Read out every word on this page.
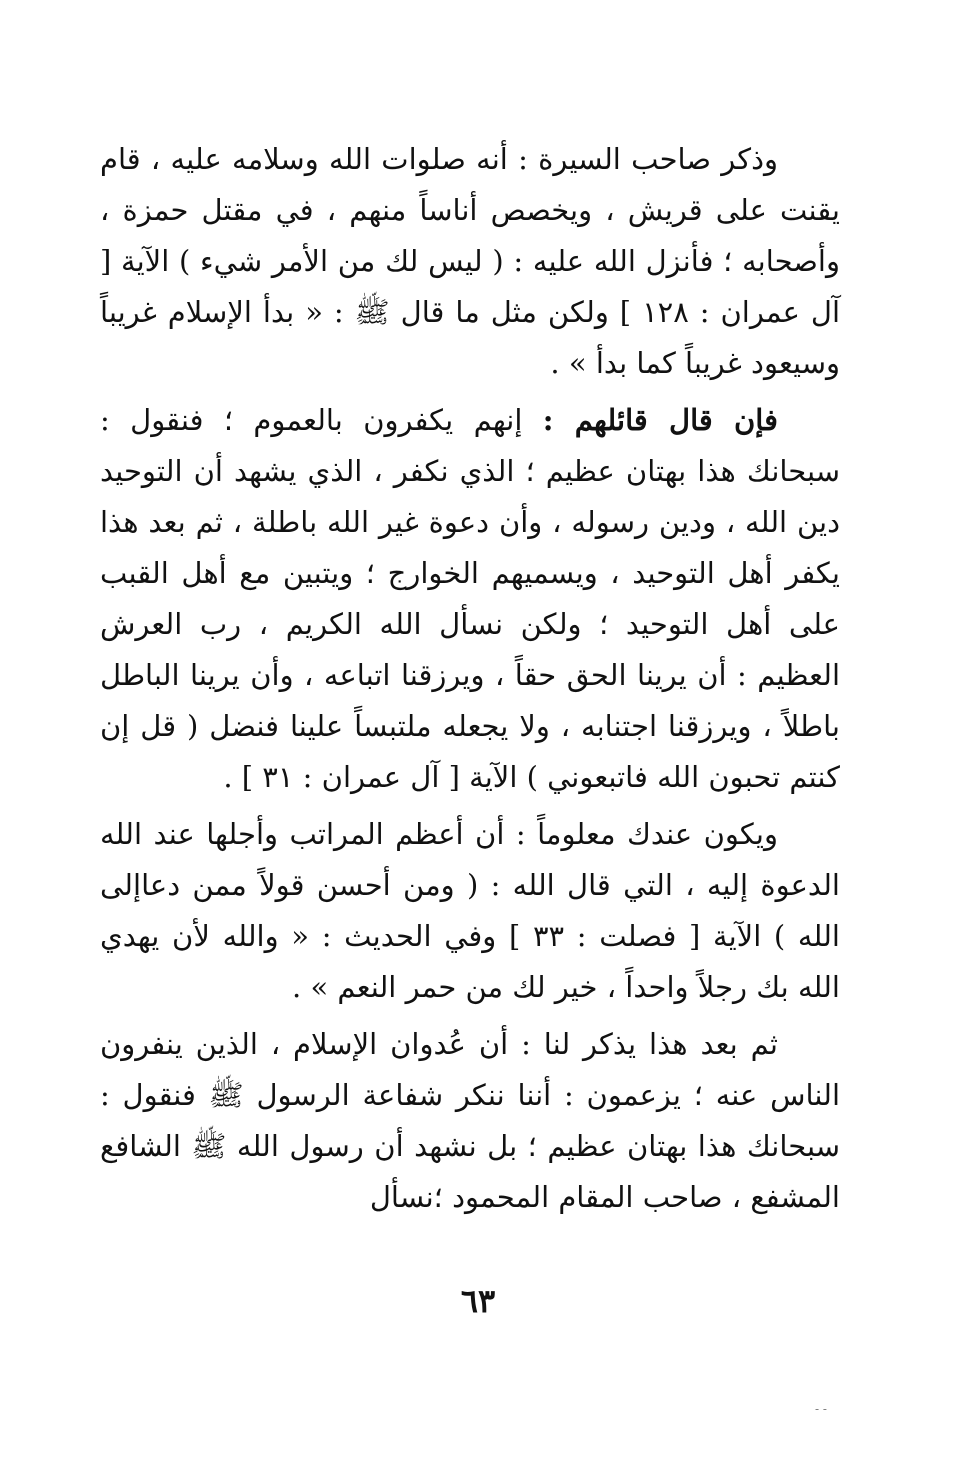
وذكر صاحب السيرة : أنه صلوات الله وسلامه عليه ، قام يقنت على قريش ، ويخصص أناساً منهم ، في مقتل حمزة ، وأصحابه ؛ فأنزل الله عليه : ( ليس لك من الأمر شيء ) الآية [ آل عمران : ١٢٨ ] ولكن مثل ما قال ﷺ : « بدأ الإسلام غريباً وسيعود غريباً كما بدأ » .

فإن قال قائلهم : إنهم يكفرون بالعموم ؛ فنقول : سبحانك هذا بهتان عظيم ؛ الذي نكفر ، الذي يشهد أن التوحيد دين الله ، ودين رسوله ، وأن دعوة غير الله باطلة ، ثم بعد هذا يكفر أهل التوحيد ، ويسميهم الخوارج ؛ ويتبين مع أهل القبب على أهل التوحيد ؛ ولكن نسأل الله الكريم ، رب العرش العظيم : أن يرينا الحق حقاً ، ويرزقنا اتباعه ، وأن يرينا الباطل باطلاً ، ويرزقنا اجتنابه ، ولا يجعله ملتبساً علينا فنضل ( قل إن كنتم تحبون الله فاتبعوني ) الآية [ آل عمران : ٣١ ] .

ويكون عندك معلوماً : أن أعظم المراتب وأجلها عند الله الدعوة إليه ، التي قال الله : ( ومن أحسن قولاً ممن دعاإلى الله ) الآية [ فصلت : ٣٣ ] وفي الحديث : « والله لأن يهدي الله بك رجلاً واحداً ، خير لك من حمر النعم » .

ثم بعد هذا يذكر لنا : أن عُدوان الإسلام ، الذين ينفرون الناس عنه ؛ يزعمون : أننا ننكر شفاعة الرسول ﷺ فنقول : سبحانك هذا بهتان عظيم ؛ بل نشهد أن رسول الله ﷺ الشافع المشفع ، صاحب المقام المحمود ؛نسأل

٦٣
- -
